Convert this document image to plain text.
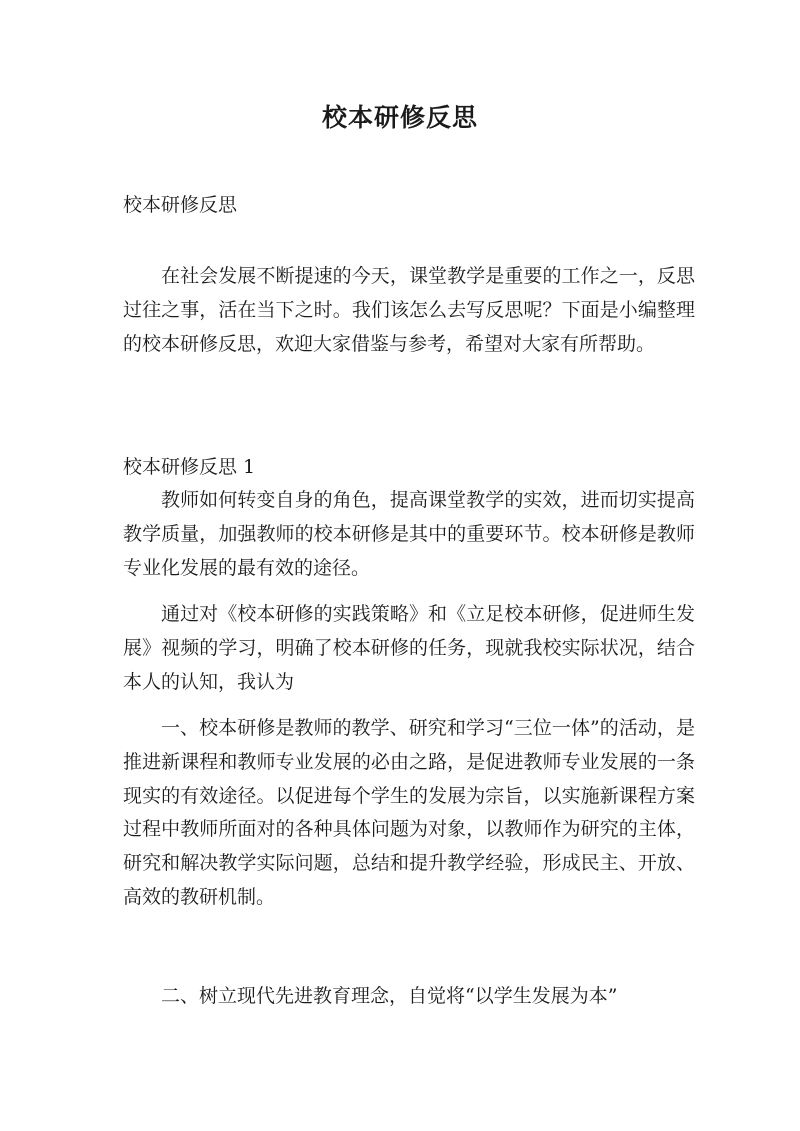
校本研修反思

校本研修反思

在社会发展不断提速的今天，课堂教学是重要的工作之一，反思过往之事，活在当下之时。我们该怎么去写反思呢？下面是小编整理的校本研修反思，欢迎大家借鉴与参考，希望对大家有所帮助。

校本研修反思 1

教师如何转变自身的角色，提高课堂教学的实效，进而切实提高教学质量，加强教师的校本研修是其中的重要环节。校本研修是教师专业化发展的最有效的途径。

通过对《校本研修的实践策略》和《立足校本研修，促进师生发展》视频的学习，明确了校本研修的任务，现就我校实际状况，结合本人的认知，我认为

一、校本研修是教师的教学、研究和学习“三位一体”的活动，是推进新课程和教师专业发展的必由之路，是促进教师专业发展的一条现实的有效途径。以促进每个学生的发展为宗旨，以实施新课程方案过程中教师所面对的各种具体问题为对象，以教师作为研究的主体，研究和解决教学实际问题，总结和提升教学经验，形成民主、开放、高效的教研机制。

二、树立现代先进教育理念，自觉将“以学生发展为本”
